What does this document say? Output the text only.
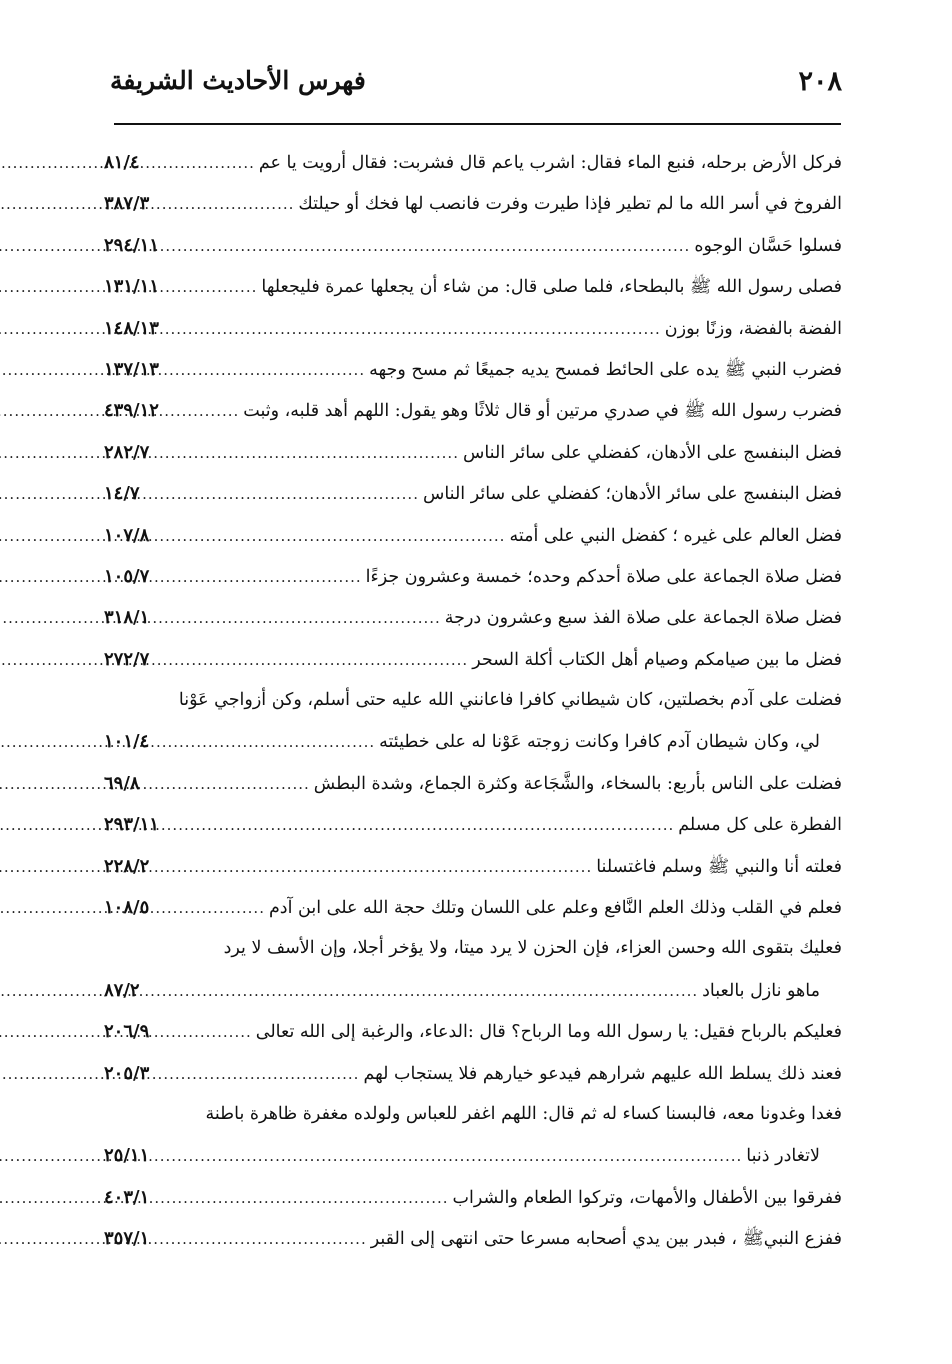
٢٠٨
فهرس الأحاديث الشريفة
فركل الأرض برحله، فنبع الماء فقال: اشرب ياعم قال فشربت: فقال أرويت يا عم
.....
٨١/٤
الفروخ في أسر الله ما لم تطير فإذا طيرت وفرت فانصب لها فخك أو حيلتك
.....
٣٨٧/٣
فسلوا حَسَّان الوجوه
.....
٢٩٤/١١
فصلى رسول الله ﷺ بالبطحاء، فلما صلى قال: من شاء أن يجعلها عمرة فليجعلها
.....
١٣١/١١
الفضة بالفضة، وزنًا بوزن
.....
١٤٨/١٣
فضرب النبي ﷺ يده على الحائط فمسح يديه جميعًا ثم مسح وجهه
.....
١٣٧/١٣
فضرب رسول الله ﷺ في صدري مرتين أو قال ثلاثًا وهو يقول: اللهم أهد قلبه، وثبت
.....
٤٣٩/١٢
فضل البنفسج على الأدهان، كفضلي على سائر الناس
.....
٢٨٢/٧
فضل البنفسج على سائر الأدهان؛ كفضلي على سائر الناس
.....
١٤/٧
فضل العالم على غيره ؛ كفضل النبي على أمته
.....
١٠٧/٨
فضل صلاة الجماعة على صلاة أحدكم وحده؛ خمسة وعشرون جزءًا
.....
١٠٥/٧
فضل صلاة الجماعة على صلاة الفذ سبع وعشرون درجة
.....
٣١٨/١
فضل ما بين صيامكم وصيام أهل الكتاب أكلة السحر
.....
٢٧٢/٧
فضلت على آدم بخصلتين، كان شيطاني كافرا فاعانني الله عليه حتى أسلم، وكن أزواجي عَوْنا
لي، وكان شيطان آدم كافرا وكانت زوجته عَوْنا له على خطيئته
.....
١٠١/٤
فضلت على الناس بأربع: بالسخاء، والشَّجَاعة وكثرة الجماع، وشدة البطش
.....
٦٩/٨
الفطرة على كل مسلم
.....
٢٩٣/١١
فعلته أنا والنبي ﷺ وسلم فاغتسلنا
.....
٢٢٨/٢
فعلم في القلب وذلك العلم النَّافع وعلم على اللسان وتلك حجة الله على ابن آدم
.....
١٠٨/٥
فعليك بتقوى الله وحسن العزاء، فإن الحزن لا يرد ميتا، ولا يؤخر أجلا، وإن الأسف لا يرد
ماهو نازل بالعباد
.....
٨٧/٢
فعليكم بالرباح فقيل: يا رسول الله وما الرباح؟ قال :الدعاء، والرغبة إلى الله تعالى
.....
٢٠٦/٩
فعند ذلك يسلط الله عليهم شرارهم فيدعو خيارهم فلا يستجاب لهم
.....
٢٠٥/٣
فغدا وغدونا معه، فالبسنا كساء له ثم قال: اللهم اغفر للعباس ولولده مغفرة ظاهرة باطنة
لاتغادر ذنبا
.....
٢٥/١١
ففرقوا بين الأطفال والأمهات، وتركوا الطعام والشراب
.....
٤٠٣/١
ففزع النبيﷺ ، فبدر بين يدي أصحابه مسرعا حتى انتهى إلى القبر
.....
٣٥٧/١
